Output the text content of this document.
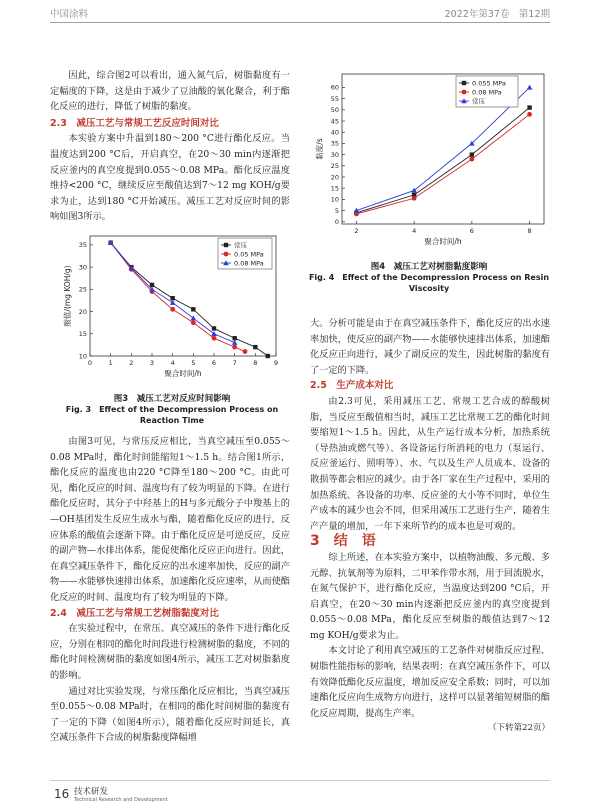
中国涂料	2022年第37卷　第12期

因此，综合图2可以看出，通入氮气后，树脂黏度有一定幅度的下降，这是由于减少了豆油酸的氧化聚合，利于酯化反应的进行，降低了树脂的黏度。

2.3　减压工艺与常规工艺反应时间对比

本实验方案中升温到180～200 °C进行酯化反应。当温度达到200 °C后，开启真空，在20～30 min内逐渐把反应釜内的真空度提到0.055～0.08 MPa。酯化反应温度维持<200 °C，继续反应至酸值达到7～12 mg KOH/g要求为止，达到180 °C开始减压。减压工艺对反应时间的影响如图3所示。

0	1	2	3	4	5	6	7	8	9
10
15
20
25
30
35
聚合时间/h
酸值/(mg KOH/g)
常压
0.05 MPa
0.08 MPa

图3　减压工艺对反应时间影响

Fig. 3　Effect of the Decompression Process on Reaction Time

由图3可见，与常压反应相比，当真空减压至0.055～0.08 MPa时，酯化时间能缩短1～1.5 h。结合图1所示，酯化反应的温度也由220 °C降至180～200 °C。由此可见，酯化反应的时间、温度均有了较为明显的下降。在进行酯化反应时，其分子中羟基上的H与多元酸分子中羧基上的—OH基团发生反应生成水与酯，随着酯化反应的进行，反应体系的酸值会逐渐下降。由于酯化反应是可逆反应，反应的副产物—水排出体系，能促使酯化反应正向进行。因此，在真空减压条件下，酯化反应的出水速率加快，反应的副产物——水能够快速排出体系，加速酯化反应速率，从而使酯化反应的时间、温度均有了较为明显的下降。

2.4　减压工艺与常规工艺树脂黏度对比

在实验过程中，在常压、真空减压的条件下进行酯化反应，分别在相同的酯化时间段进行检测树脂的黏度，不同的酯化时间检测树脂的黏度如图4所示，减压工艺对树脂黏度的影响。

通过对比实验发现，与常压酯化反应相比，当真空减压至0.055～0.08 MPa时，在相同的酯化时间树脂的黏度有了一定的下降（如图4所示），随着酯化反应时间延长，真空减压条件下合成的树脂黏度降幅增

2	4	6	8
0
5
10
15
20
25
30
35
40
45
50
55
60
聚合时间/h
黏度/s
0.055 MPa
0.08 MPa
常压

图4　减压工艺对树脂黏度影响

Fig. 4　Effect of the Decompression Process on Resin Viscosity

大。分析可能是由于在真空减压条件下，酯化反应的出水速率加快，使反应的副产物——水能够快速排出体系，加速酯化反应正向进行，减少了副反应的发生，因此树脂的黏度有了一定的下降。

2.5　生产成本对比

由2.3可见，采用减压工艺、常规工艺合成的醇酸树脂，当反应至酸值相当时，减压工艺比常规工艺的酯化时间要缩短1～1.5 h。因此，从生产运行成本分析，加热系统（导热油或燃气等）、各设备运行所消耗的电力（泵运行、反应釜运行、照明等）、水、气以及生产人员成本、设备的散损等都会相应的减少。由于各厂家在生产过程中，采用的加热系统、各设备的功率、反应釜的大小等不同时，单位生产成本的减少也会不同，但采用减压工艺进行生产，随着生产产量的增加，一年下来所节约的成本也是可观的。

3　结　语

综上所述，在本实验方案中，以植物油酸、多元酸、多元醇、抗氧剂等为原料，二甲苯作带水剂，用于回流脱水，在氮气保护下，进行酯化反应，当温度达到200 °C后，开启真空，在20～30 min内逐渐把反应釜内的真空度提到0.055～0.08 MPa，酯化反应至树脂的酸值达到7～12 mg KOH/g要求为止。

本文讨论了利用真空减压的工艺条件对树脂反应过程、树脂性能指标的影响，结果表明：在真空减压条件下，可以有效降低酯化反应温度，增加反应安全系数；同时，可以加速酯化反应向生成物方向进行，这样可以显著缩短树脂的酯化反应周期，提高生产率。

（下转第22页）

16 技术研发
Technical Research and Development
